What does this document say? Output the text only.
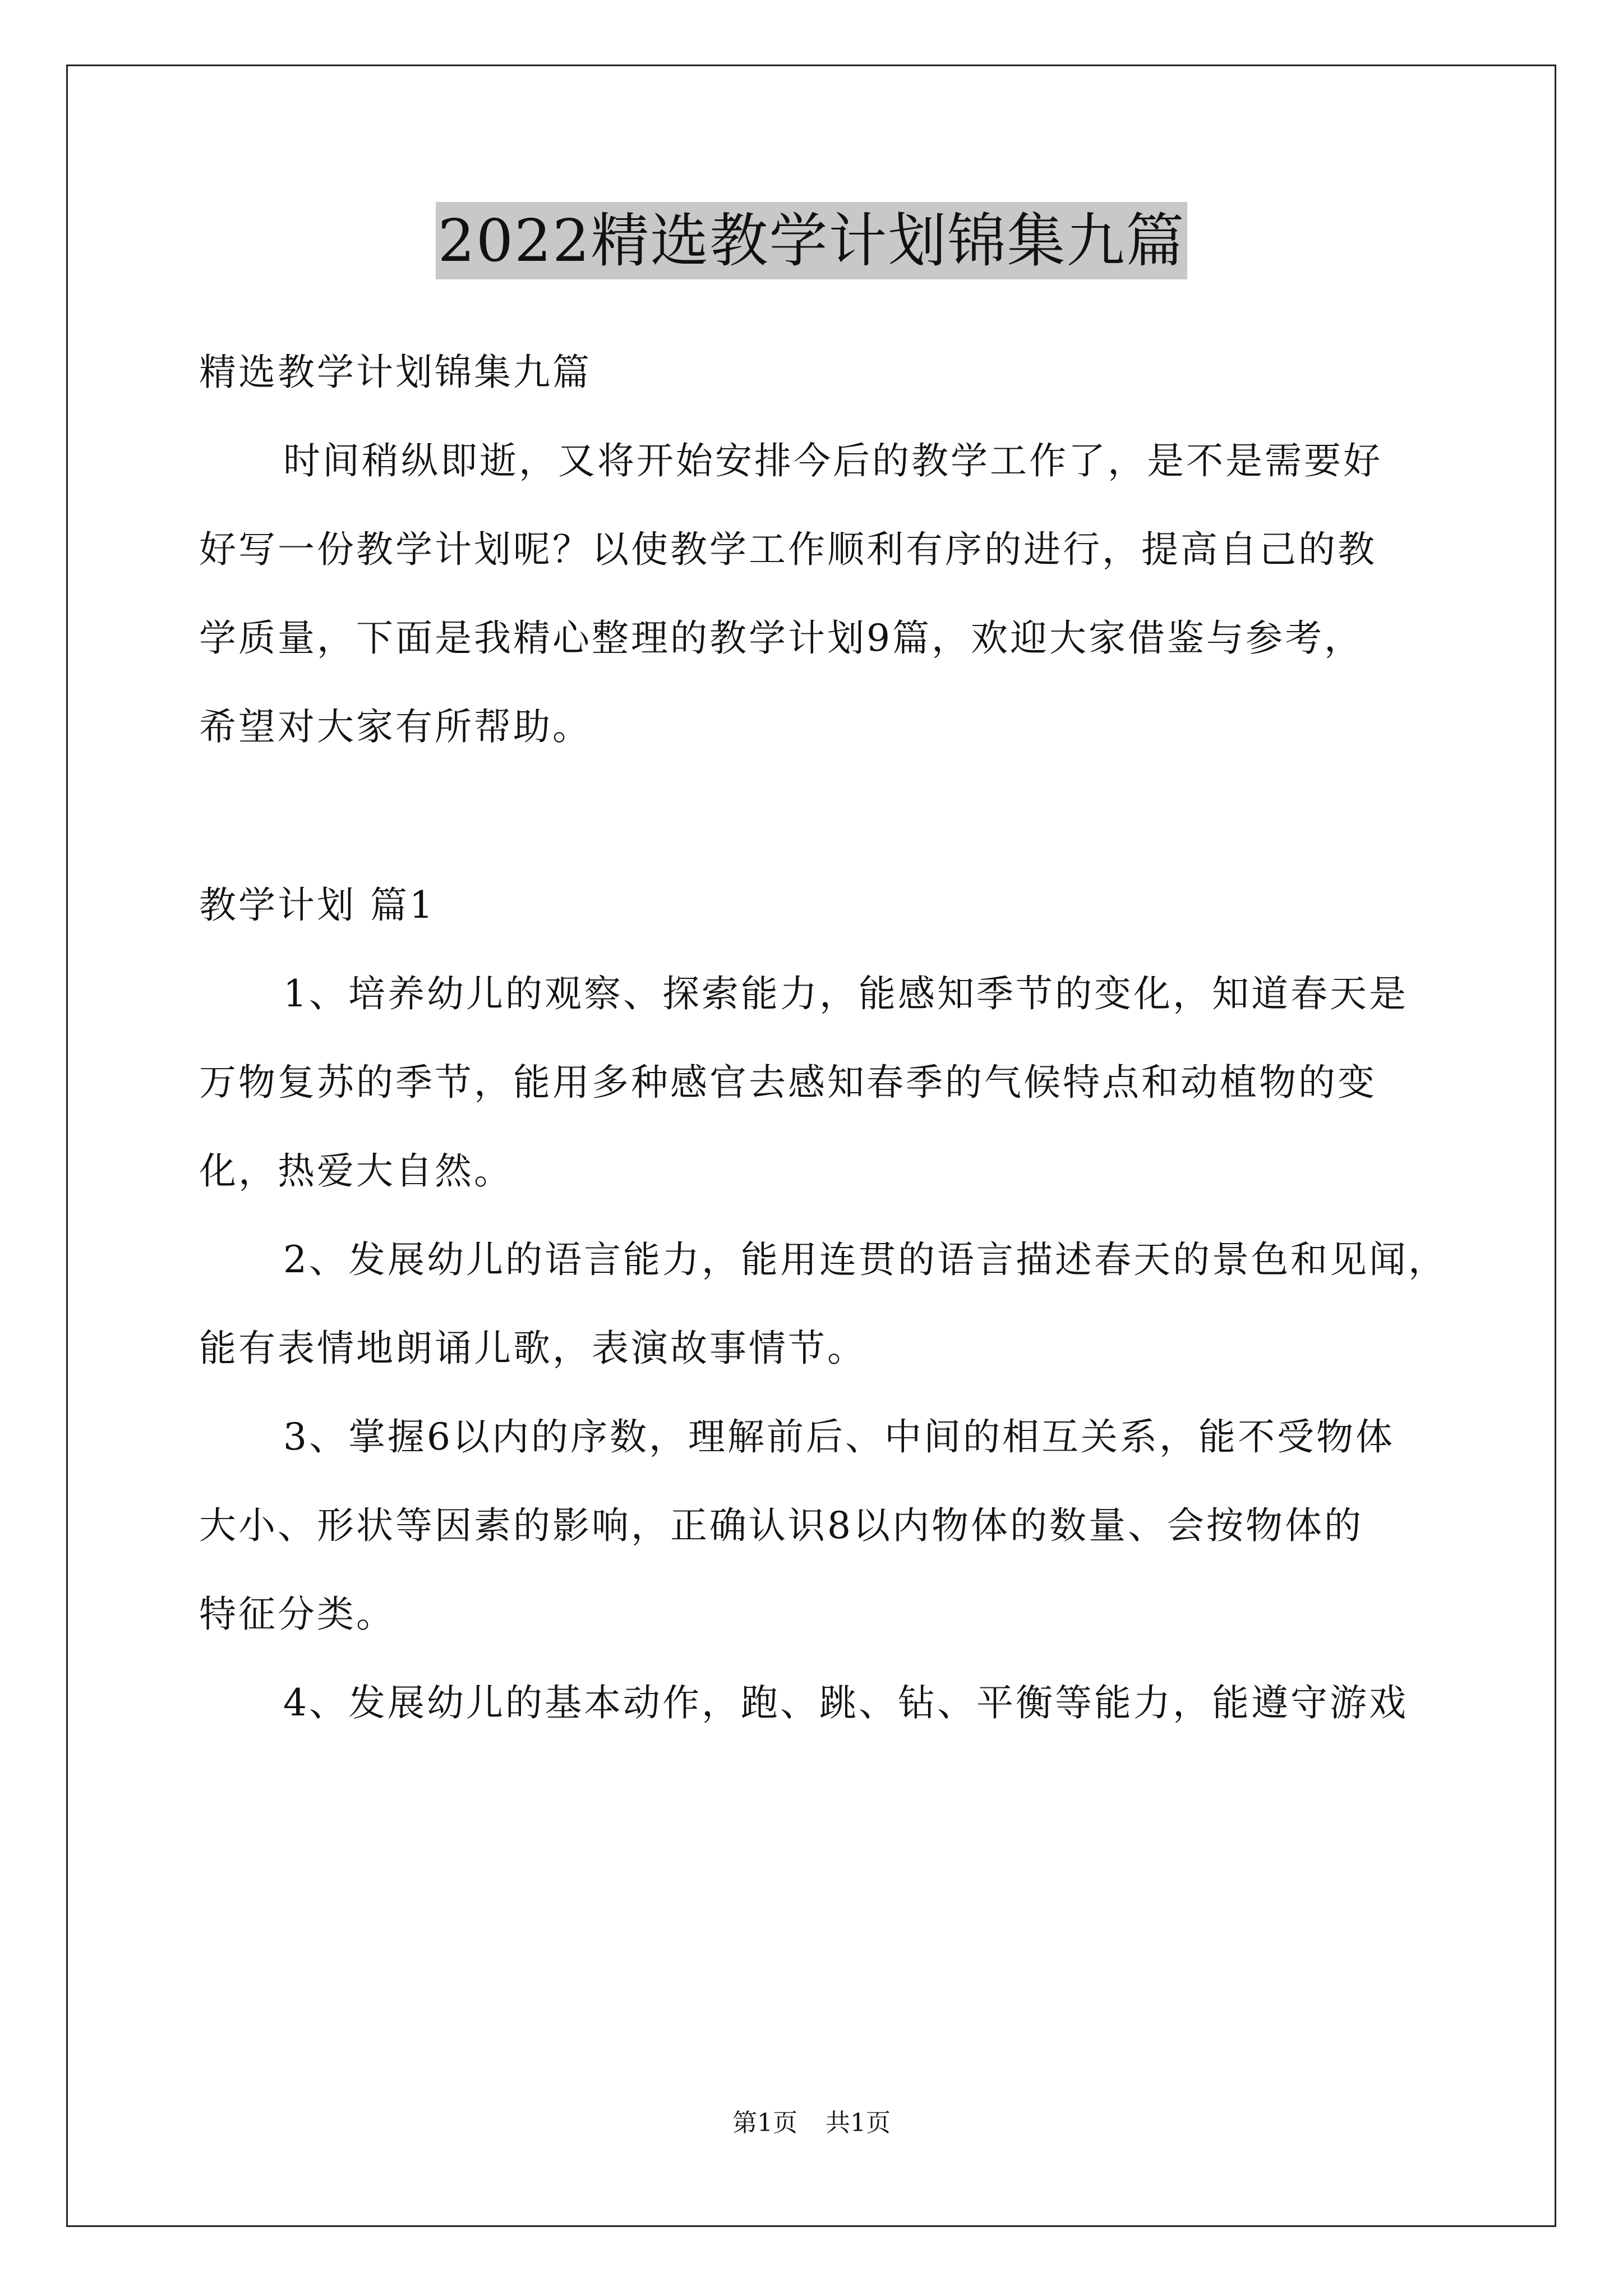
2022精选教学计划锦集九篇
精选教学计划锦集九篇
时间稍纵即逝，又将开始安排今后的教学工作了，是不是需要好
好写一份教学计划呢？以使教学工作顺利有序的进行，提高自己的教
学质量，下面是我精心整理的教学计划9篇，欢迎大家借鉴与参考，
希望对大家有所帮助。
教学计划 篇1
1、培养幼儿的观察、探索能力，能感知季节的变化，知道春天是
万物复苏的季节，能用多种感官去感知春季的气候特点和动植物的变
化，热爱大自然。
2、发展幼儿的语言能力，能用连贯的语言描述春天的景色和见闻，
能有表情地朗诵儿歌，表演故事情节。
3、掌握6以内的序数，理解前后、中间的相互关系，能不受物体
大小、形状等因素的影响，正确认识8以内物体的数量、会按物体的
特征分类。
4、发展幼儿的基本动作，跑、跳、钻、平衡等能力，能遵守游戏
第1页 共1页
